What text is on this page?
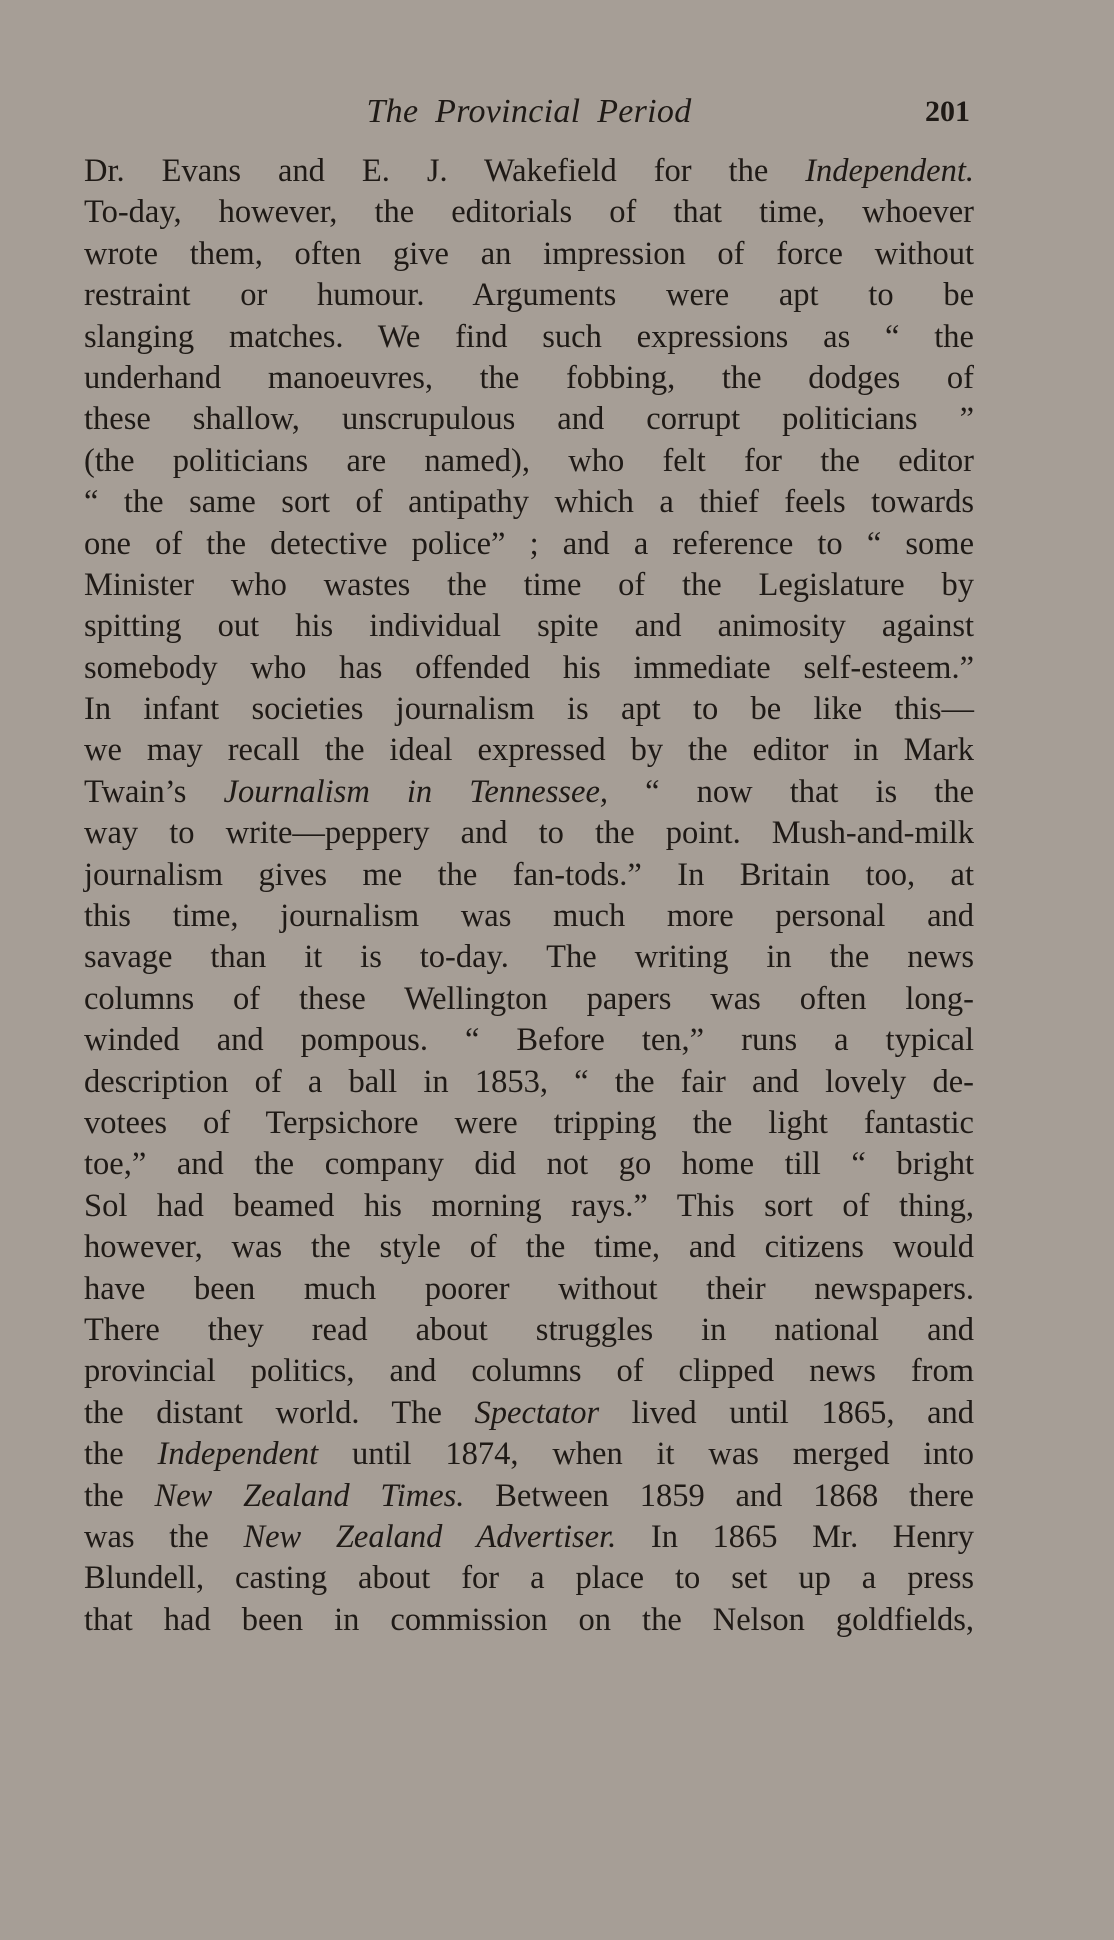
The Provincial Period	201
Dr. Evans and E. J. Wakefield for the Independent.
To-day, however, the editorials of that time, whoever
wrote them, often give an impression of force without
restraint or humour. Arguments were apt to be
slanging matches. We find such expressions as “ the
underhand manoeuvres, the fobbing, the dodges of
these shallow, unscrupulous and corrupt politicians ”
(the politicians are named), who felt for the editor
“ the same sort of antipathy which a thief feels towards
one of the detective police” ; and a reference to “ some
Minister who wastes the time of the Legislature by
spitting out his individual spite and animosity against
somebody who has offended his immediate self-esteem.”
In infant societies journalism is apt to be like this—
we may recall the ideal expressed by the editor in Mark
Twain’s Journalism in Tennessee, “ now that is the
way to write—peppery and to the point. Mush-and-milk
journalism gives me the fan-tods.” In Britain too, at
this time, journalism was much more personal and
savage than it is to-day. The writing in the news
columns of these Wellington papers was often long-
winded and pompous. “ Before ten,” runs a typical
description of a ball in 1853, “ the fair and lovely de-
votees of Terpsichore were tripping the light fantastic
toe,” and the company did not go home till “ bright
Sol had beamed his morning rays.” This sort of thing,
however, was the style of the time, and citizens would
have been much poorer without their newspapers.
There they read about struggles in national and
provincial politics, and columns of clipped news from
the distant world. The Spectator lived until 1865, and
the Independent until 1874, when it was merged into
the New Zealand Times. Between 1859 and 1868 there
was the New Zealand Advertiser. In 1865 Mr. Henry
Blundell, casting about for a place to set up a press
that had been in commission on the Nelson goldfields,
